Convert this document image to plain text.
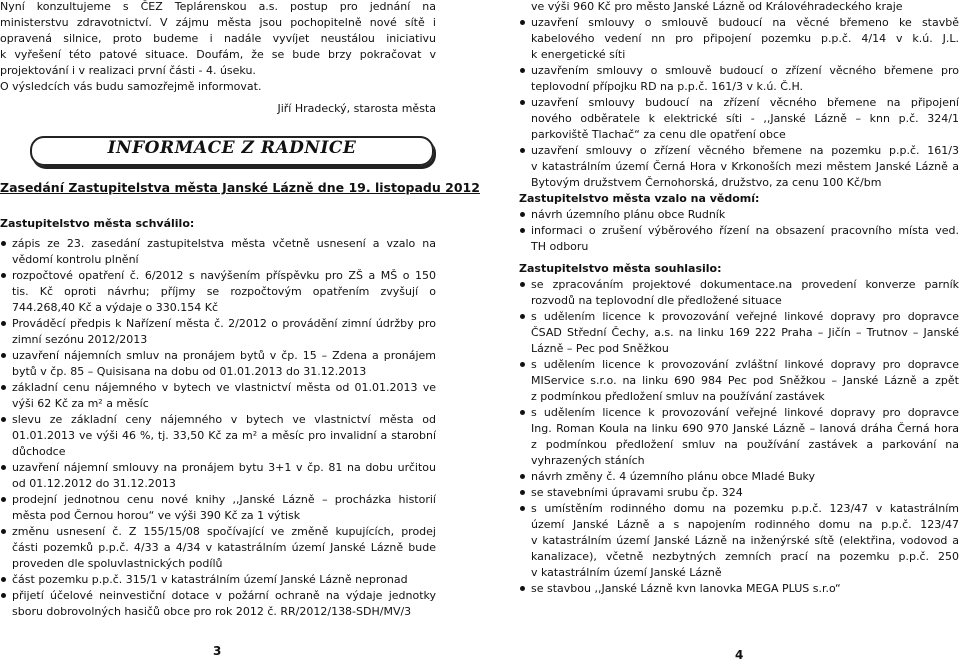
Nyní konzultujeme s ČEZ Teplárenskou a.s. postup pro jednání na

ministerstvu zdravotnictví. V zájmu města jsou pochopitelně nové sítě i

opravená silnice, proto budeme i nadále vyvíjet neustálou iniciativu

k vyřešení této patové situace. Doufám, že se bude brzy pokračovat v

projektování i v realizaci první části - 4. úseku.

O výsledcích vás budu samozřejmě informovat.

Jiří Hradecký, starosta města

INFORMACE Z RADNICE
Zasedání Zastupitelstva města Janské Lázně dne 19. listopadu 2012

Zastupitelstvo města schválilo:

zápis ze 23. zasedání zastupitelstva města včetně usnesení a vzalo na
vědomí kontrolu plnění
rozpočtové opatření č. 6/2012 s navýšením příspěvku pro ZŠ a MŠ o 150
tis. Kč oproti návrhu; příjmy se rozpočtovým opatřením zvyšují o
744.268,40 Kč a výdaje o 330.154 Kč
Prováděcí předpis k Nařízení města č. 2/2012 o provádění zimní údržby pro
zimní sezónu 2012/2013
uzavření nájemních smluv na pronájem bytů v čp. 15 – Zdena a pronájem
bytů v čp. 85 – Quisisana na dobu od 01.01.2013 do 31.12.2013
základní cenu nájemného v bytech ve vlastnictví města od 01.01.2013 ve
výši 62 Kč za m² a měsíc
slevu ze základní ceny nájemného v bytech ve vlastnictví města od
01.01.2013 ve výši 46 %, tj. 33,50 Kč za m² a měsíc pro invalidní a starobní
důchodce
uzavření nájemní smlouvy na pronájem bytu 3+1 v čp. 81 na dobu určitou
od 01.12.2012 do 31.12.2013
prodejní jednotnou cenu nové knihy ,,Janské Lázně – procházka historií
města pod Černou horou“ ve výši 390 Kč za 1 výtisk
změnu usnesení č. Z 155/15/08 spočívající ve změně kupujících, prodej
části pozemků p.p.č. 4/33 a 4/34 v katastrálním území Janské Lázně bude
proveden dle spoluvlastnických podílů
část pozemku p.p.č. 315/1 v katastrálním území Janské Lázně nepronad
přijetí účelové neinvestiční dotace v požární ochraně na výdaje jednotky
sboru dobrovolných hasičů obce pro rok 2012 č. RR/2012/138-SDH/MV/3
3

ve výši 960 Kč pro město Janské Lázně od Královéhradeckého kraje

uzavření smlouvy o smlouvě budoucí na věcné břemeno ke stavbě
kabelového vedení nn pro připojení pozemku p.p.č. 4/14 v k.ú. J.L.
k energetické síti
uzavřením smlouvy o smlouvě budoucí o zřízení věcného břemene pro
teplovodní přípojku RD na p.p.č. 161/3 v k.ú. Č.H.
uzavření smlouvy budoucí na zřízení věcného břemene na připojení
nového odběratele k elektrické síti - ,,Janské Lázně – knn p.č. 324/1
parkoviště Tlachač“ za cenu dle opatření obce
uzavření smlouvy o zřízení věcného břemene na pozemku p.p.č. 161/3
v katastrálním území Černá Hora v Krkonoších mezi městem Janské Lázně a
Bytovým družstvem Černohorská, družstvo, za cenu 100 Kč/bm

Zastupitelstvo města vzalo na vědomí:

návrh územního plánu obce Rudník
informaci o zrušení výběrového řízení na obsazení pracovního místa ved.
TH odboru

Zastupitelstvo města souhlasilo:

se zpracováním projektové dokumentace.na provedení konverze parník
rozvodů na teplovodní dle předložené situace
s udělením licence k provozování veřejné linkové dopravy pro dopravce
ČSAD Střední Čechy, a.s. na linku 169 222 Praha – Jičín – Trutnov – Janské
Lázně – Pec pod Sněžkou
s udělením licence k provozování zvláštní linkové dopravy pro dopravce
MIService s.r.o. na linku 690 984 Pec pod Sněžkou – Janské Lázně a zpět
z podmínkou předložení smluv na používání zastávek
s udělením licence k provozování veřejné linkové dopravy pro dopravce
Ing. Roman Koula na linku 690 970 Janské Lázně – lanová dráha Černá hora
z podmínkou předložení smluv na používání zastávek a parkování na
vyhrazených stáních
návrh změny č. 4 územního plánu obce Mladé Buky
se stavebními úpravami srubu čp. 324
s umístěním rodinného domu na pozemku p.p.č. 123/47 v katastrálním
území Janské Lázně a s napojením rodinného domu na p.p.č. 123/47
v katastrálním území Janské Lázně na inženýrské sítě (elektřina, vodovod a
kanalizace), včetně nezbytných zemních prací na pozemku p.p.č. 250
v katastrálním území Janské Lázně
se stavbou ,,Janské Lázně kvn lanovka MEGA PLUS s.r.o“
4
